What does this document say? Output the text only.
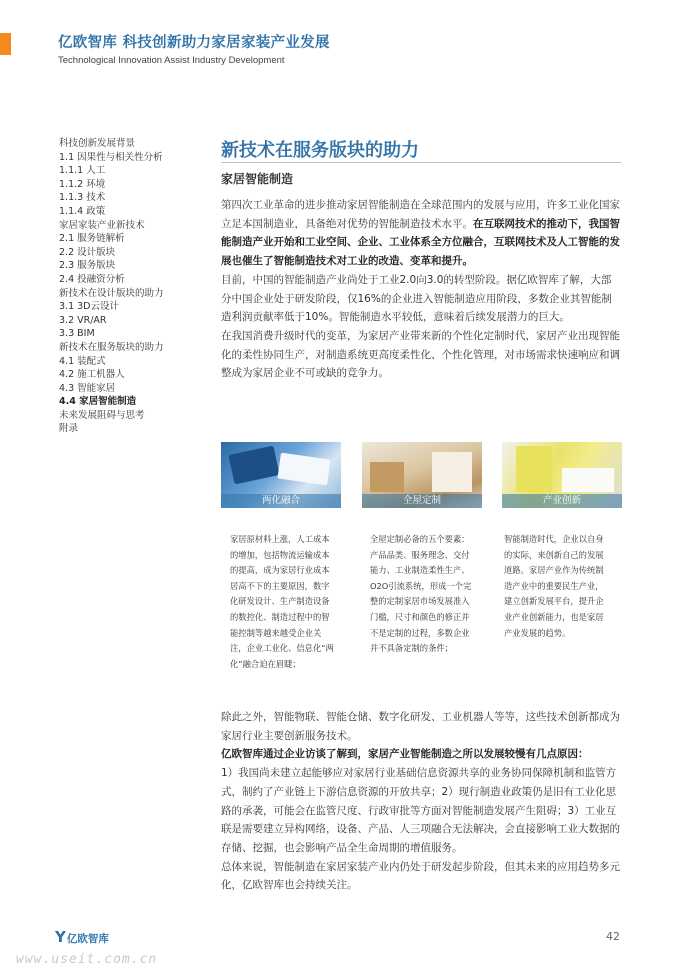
亿欧智库 科技创新助力家居家装产业发展
Technological Innovation Assist Industry Development
科技创新发展背景
1.1 因果性与相关性分析
1.1.1 人工
1.1.2 环境
1.1.3 技术
1.1.4 政策
家居家装产业新技术
2.1 服务链解析
2.2 设计版块
2.3 服务版块
2.4 投融资分析
新技术在设计版块的助力
3.1 3D云设计
3.2 VR/AR
3.3 BIM
新技术在服务版块的助力
4.1 装配式
4.2 施工机器人
4.3 智能家居
4.4 家居智能制造
未来发展阻碍与思考
附录
新技术在服务版块的助力
家居智能制造

第四次工业革命的进步推动家居智能制造在全球范围内的发展与应用，许多工业化国家立足本国制造业，具备绝对优势的智能制造技术水平。在互联网技术的推动下，我国智能制造产业开始和工业空间、企业、工业体系全方位融合，互联网技术及人工智能的发展也催生了智能制造技术对工业的改造、变革和提升。

目前，中国的智能制造产业尚处于工业2.0向3.0的转型阶段。据亿欧智库了解，大部分中国企业处于研发阶段，仅16%的企业进入智能制造应用阶段，多数企业其智能制造利润贡献率低于10%。智能制造水平较低，意味着后续发展潜力的巨大。

在我国消费升级时代的变革，为家居产业带来新的个性化定制时代，家居产业出现智能化的柔性协同生产，对制造系统更高度柔性化、个性化管理，对市场需求快速响应和调整成为家居企业不可或缺的竞争力。

两化融合	全屋定制	产业创新
家居原材料上涨，人工成本的增加，包括物流运输成本的提高，成为家居行业成本居高不下的主要原因，数字化研发设计、生产制造设备的数控化、制造过程中的智能控制等越来越受企业关注，企业工业化、信息化“两化”融合迫在眉睫；
全屋定制必备的五个要素：产品品类、服务理念、交付能力、工业制造柔性生产、O2O引流系统，形成一个完整的定制家居市场发展准入门槛，尺寸和颜色的修正并不是定制的过程，多数企业并不具备定制的条件；
智能制造时代，企业以自身的实际，来创新自己的发展道路。家居产业作为传统制造产业中的重要民生产业，建立创新发展平台，提升企业产业创新能力，也是家居产业发展的趋势。

除此之外，智能物联、智能仓储、数字化研发、工业机器人等等，这些技术创新都成为家居行业主要创新服务技术。

亿欧智库通过企业访谈了解到，家居产业智能制造之所以发展较慢有几点原因：

1）我国尚未建立起能够应对家居行业基础信息资源共享的业务协同保障机制和监管方式，制约了产业链上下游信息资源的开放共享；2）现行制造业政策仍是旧有工业化思路的承袭，可能会在监管尺度、行政审批等方面对智能制造发展产生阻碍；3）工业互联是需要建立异构网络，设备、产品、人三项融合无法解决，会直接影响工业大数据的存储、挖掘，也会影响产品全生命周期的增值服务。

总体来说，智能制造在家居家装产业内仍处于研发起步阶段，但其未来的应用趋势多元化，亿欧智库也会持续关注。

Y亿欧智库	42
www.useit.com.cn
